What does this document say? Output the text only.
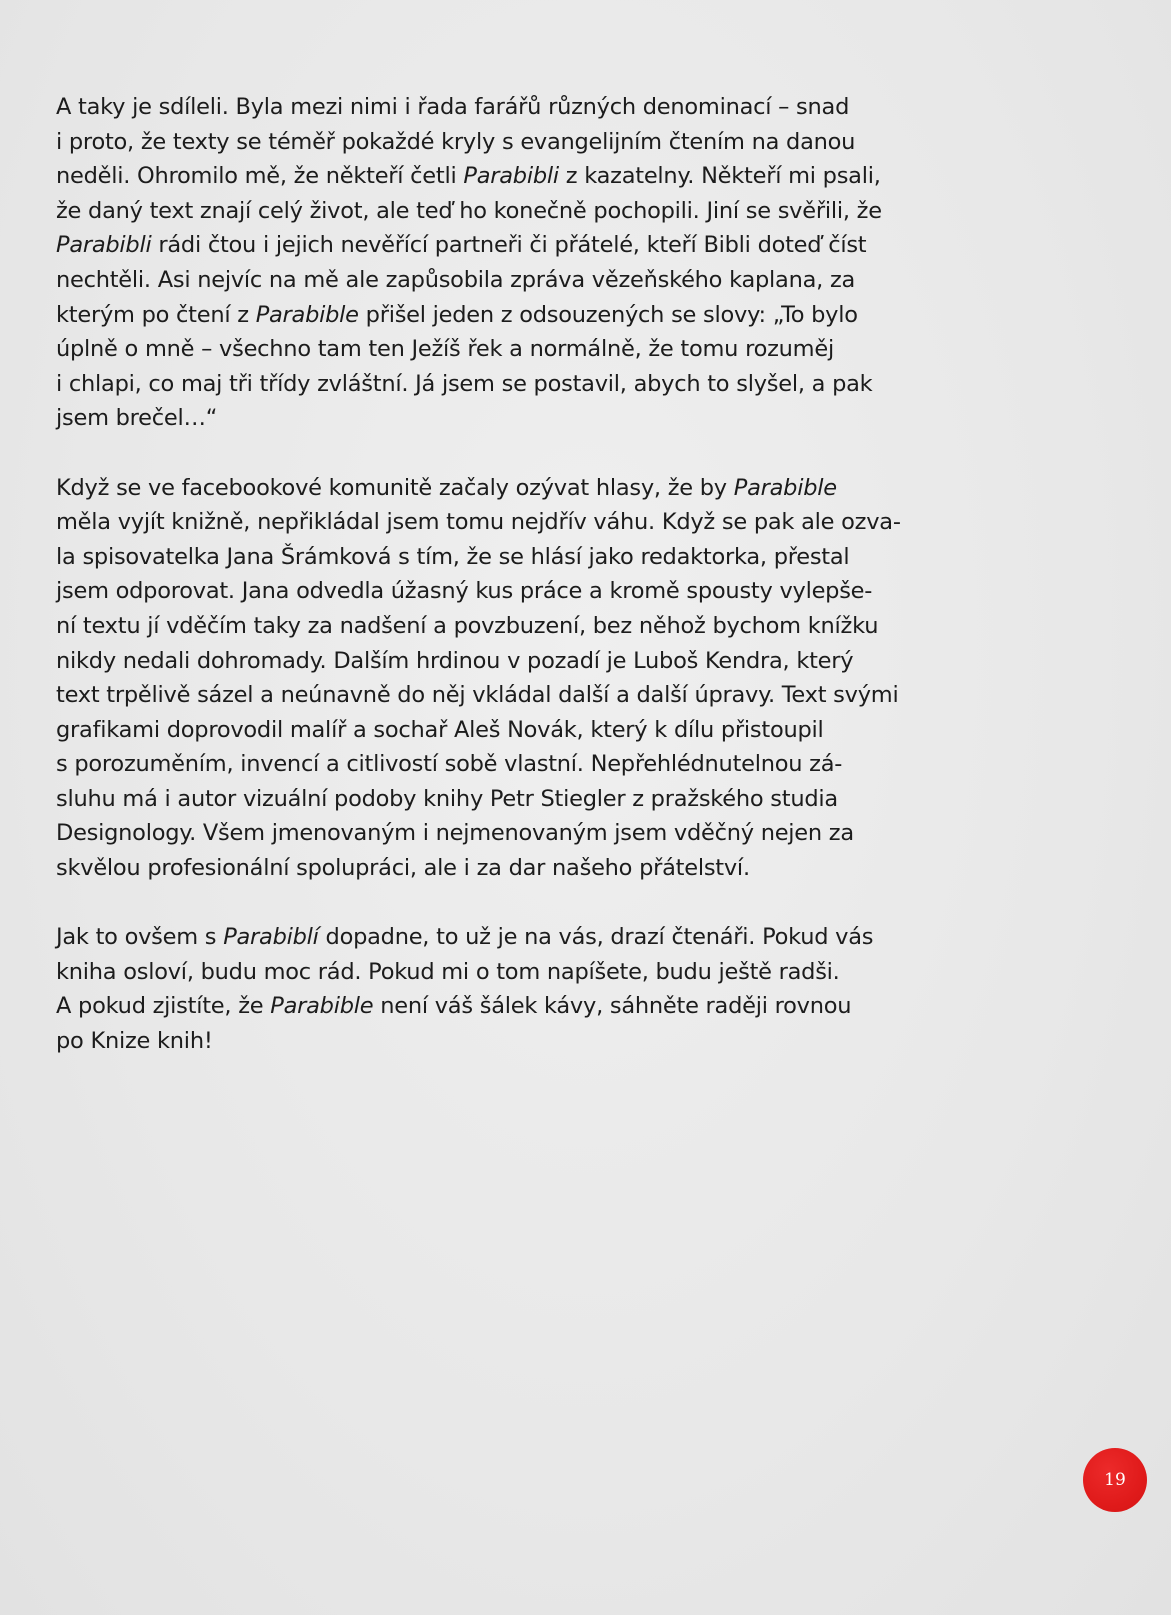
A taky je sdíleli. Byla mezi nimi i řada farářů různých denominací – snad
i proto, že texty se téměř pokaždé kryly s evangelijním čtením na danou
neděli. Ohromilo mě, že někteří četli Parabibli z kazatelny. Někteří mi psali,
že daný text znají celý život, ale teď ho konečně pochopili. Jiní se svěřili, že
Parabibli rádi čtou i jejich nevěřící partneři či přátelé, kteří Bibli doteď číst
nechtěli. Asi nejvíc na mě ale zapůsobila zpráva vězeňského kaplana, za
kterým po čtení z Parabible přišel jeden z odsouzených se slovy: „To bylo
úplně o mně – všechno tam ten Ježíš řek a normálně, že tomu rozuměj
i chlapi, co maj tři třídy zvláštní. Já jsem se postavil, abych to slyšel, a pak
jsem brečel…“
Když se ve facebookové komunitě začaly ozývat hlasy, že by Parabible
měla vyjít knižně, nepřikládal jsem tomu nejdřív váhu. Když se pak ale ozva-
la spisovatelka Jana Šrámková s tím, že se hlásí jako redaktorka, přestal
jsem odporovat. Jana odvedla úžasný kus práce a kromě spousty vylepše-
ní textu jí vděčím taky za nadšení a povzbuzení, bez něhož bychom knížku
nikdy nedali dohromady. Dalším hrdinou v pozadí je Luboš Kendra, který
text trpělivě sázel a neúnavně do něj vkládal další a další úpravy. Text svými
grafikami doprovodil malíř a sochař Aleš Novák, který k dílu přistoupil
s porozuměním, invencí a citlivostí sobě vlastní. Nepřehlédnutelnou zá-
sluhu má i autor vizuální podoby knihy Petr Stiegler z pražského studia
Designology. Všem jmenovaným i nejmenovaným jsem vděčný nejen za
skvělou profesionální spolupráci, ale i za dar našeho přátelství.
Jak to ovšem s Parabiblí dopadne, to už je na vás, drazí čtenáři. Pokud vás
kniha osloví, budu moc rád. Pokud mi o tom napíšete, budu ještě radši.
A pokud zjistíte, že Parabible není váš šálek kávy, sáhněte raději rovnou
po Knize knih!
19
